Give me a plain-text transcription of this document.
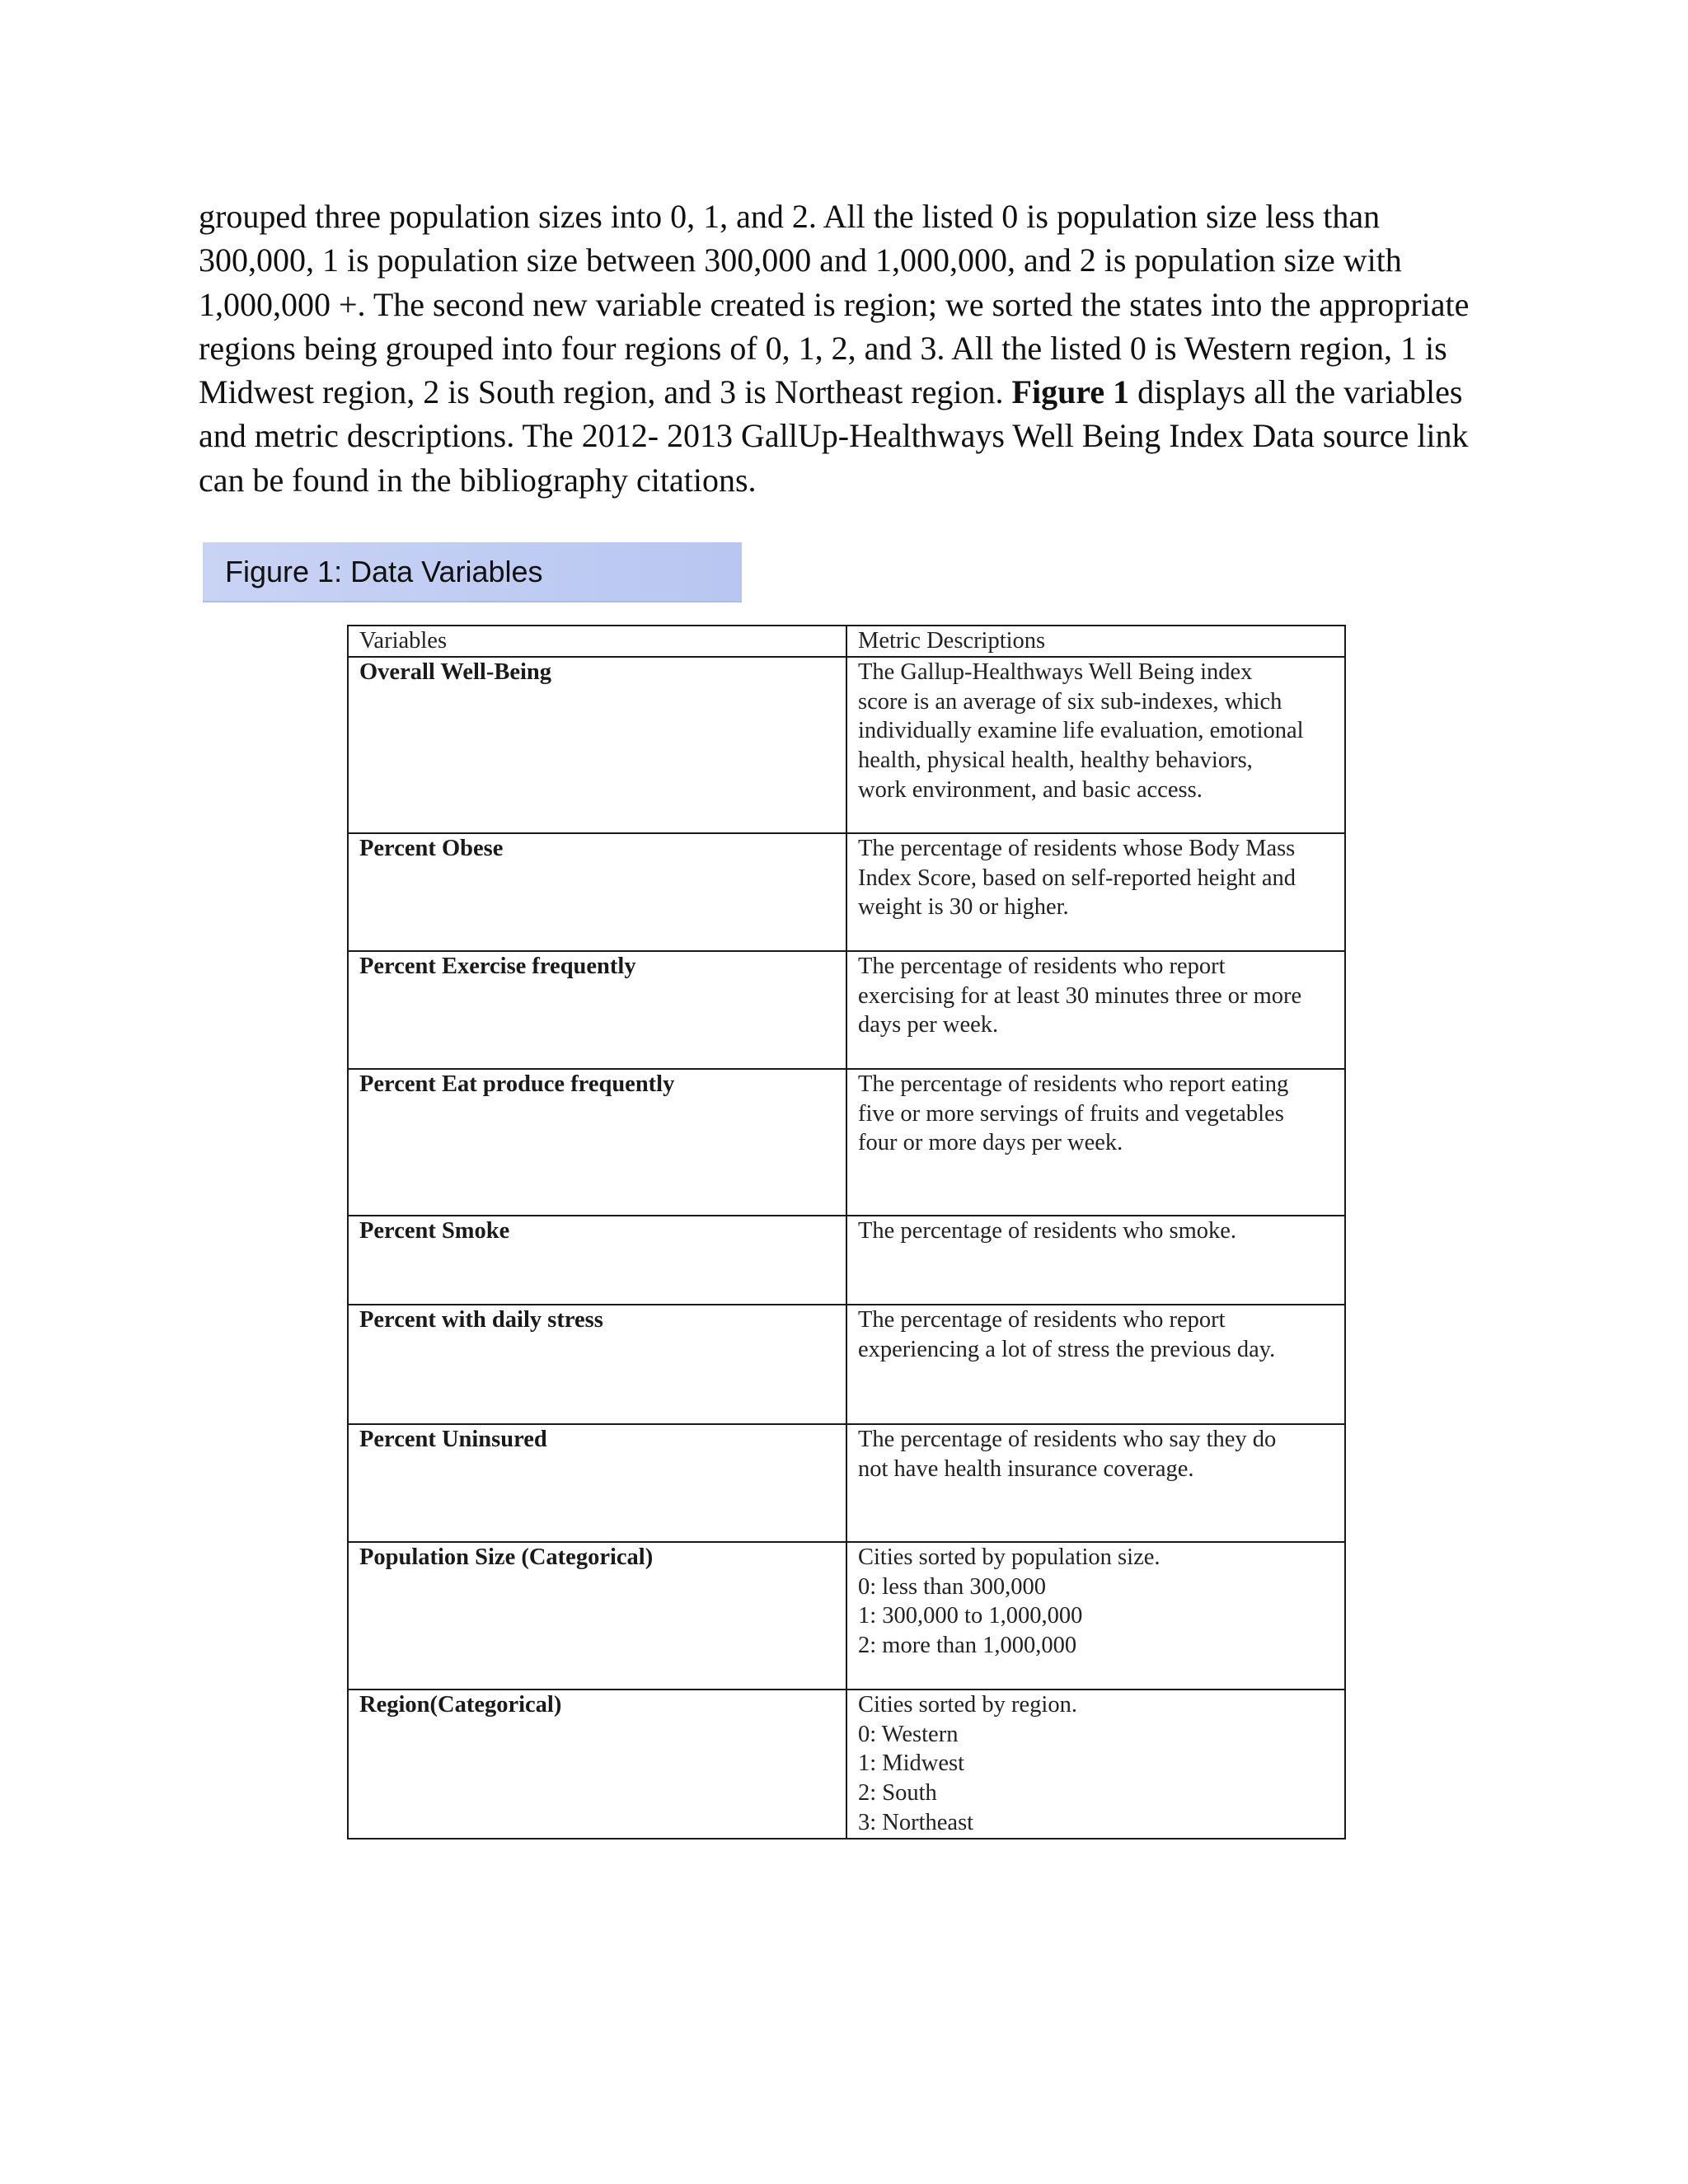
grouped three population sizes into 0, 1, and 2. All the listed 0 is population size less than
300,000, 1 is population size between 300,000 and 1,000,000, and 2 is population size with
1,000,000 +. The second new variable created is region; we sorted the states into the appropriate
regions being grouped into four regions of 0, 1, 2, and 3. All the listed 0 is Western region, 1 is
Midwest region, 2 is South region, and 3 is Northeast region. Figure 1 displays all the variables
and metric descriptions. The 2012- 2013 GallUp-Healthways Well Being Index Data source link
can be found in the bibliography citations.
Figure 1: Data Variables
Variables	Metric Descriptions
Overall Well-Being	The Gallup-Healthways Well Being index
score is an average of six sub-indexes, which
individually examine life evaluation, emotional
health, physical health, healthy behaviors,
work environment, and basic access.

Percent Obese	The percentage of residents whose Body Mass
Index Score, based on self-reported height and
weight is 30 or higher.

Percent Exercise frequently	The percentage of residents who report
exercising for at least 30 minutes three or more
days per week.

Percent Eat produce frequently	The percentage of residents who report eating
five or more servings of fruits and vegetables
four or more days per week.

Percent Smoke	The percentage of residents who smoke.

Percent with daily stress	The percentage of residents who report
experiencing a lot of stress the previous day.

Percent Uninsured	The percentage of residents who say they do
not have health insurance coverage.

Population Size (Categorical)	Cities sorted by population size.
0: less than 300,000
1: 300,000 to 1,000,000
2: more than 1,000,000

Region(Categorical)	Cities sorted by region.
0: Western
1: Midwest
2: South
3: Northeast
